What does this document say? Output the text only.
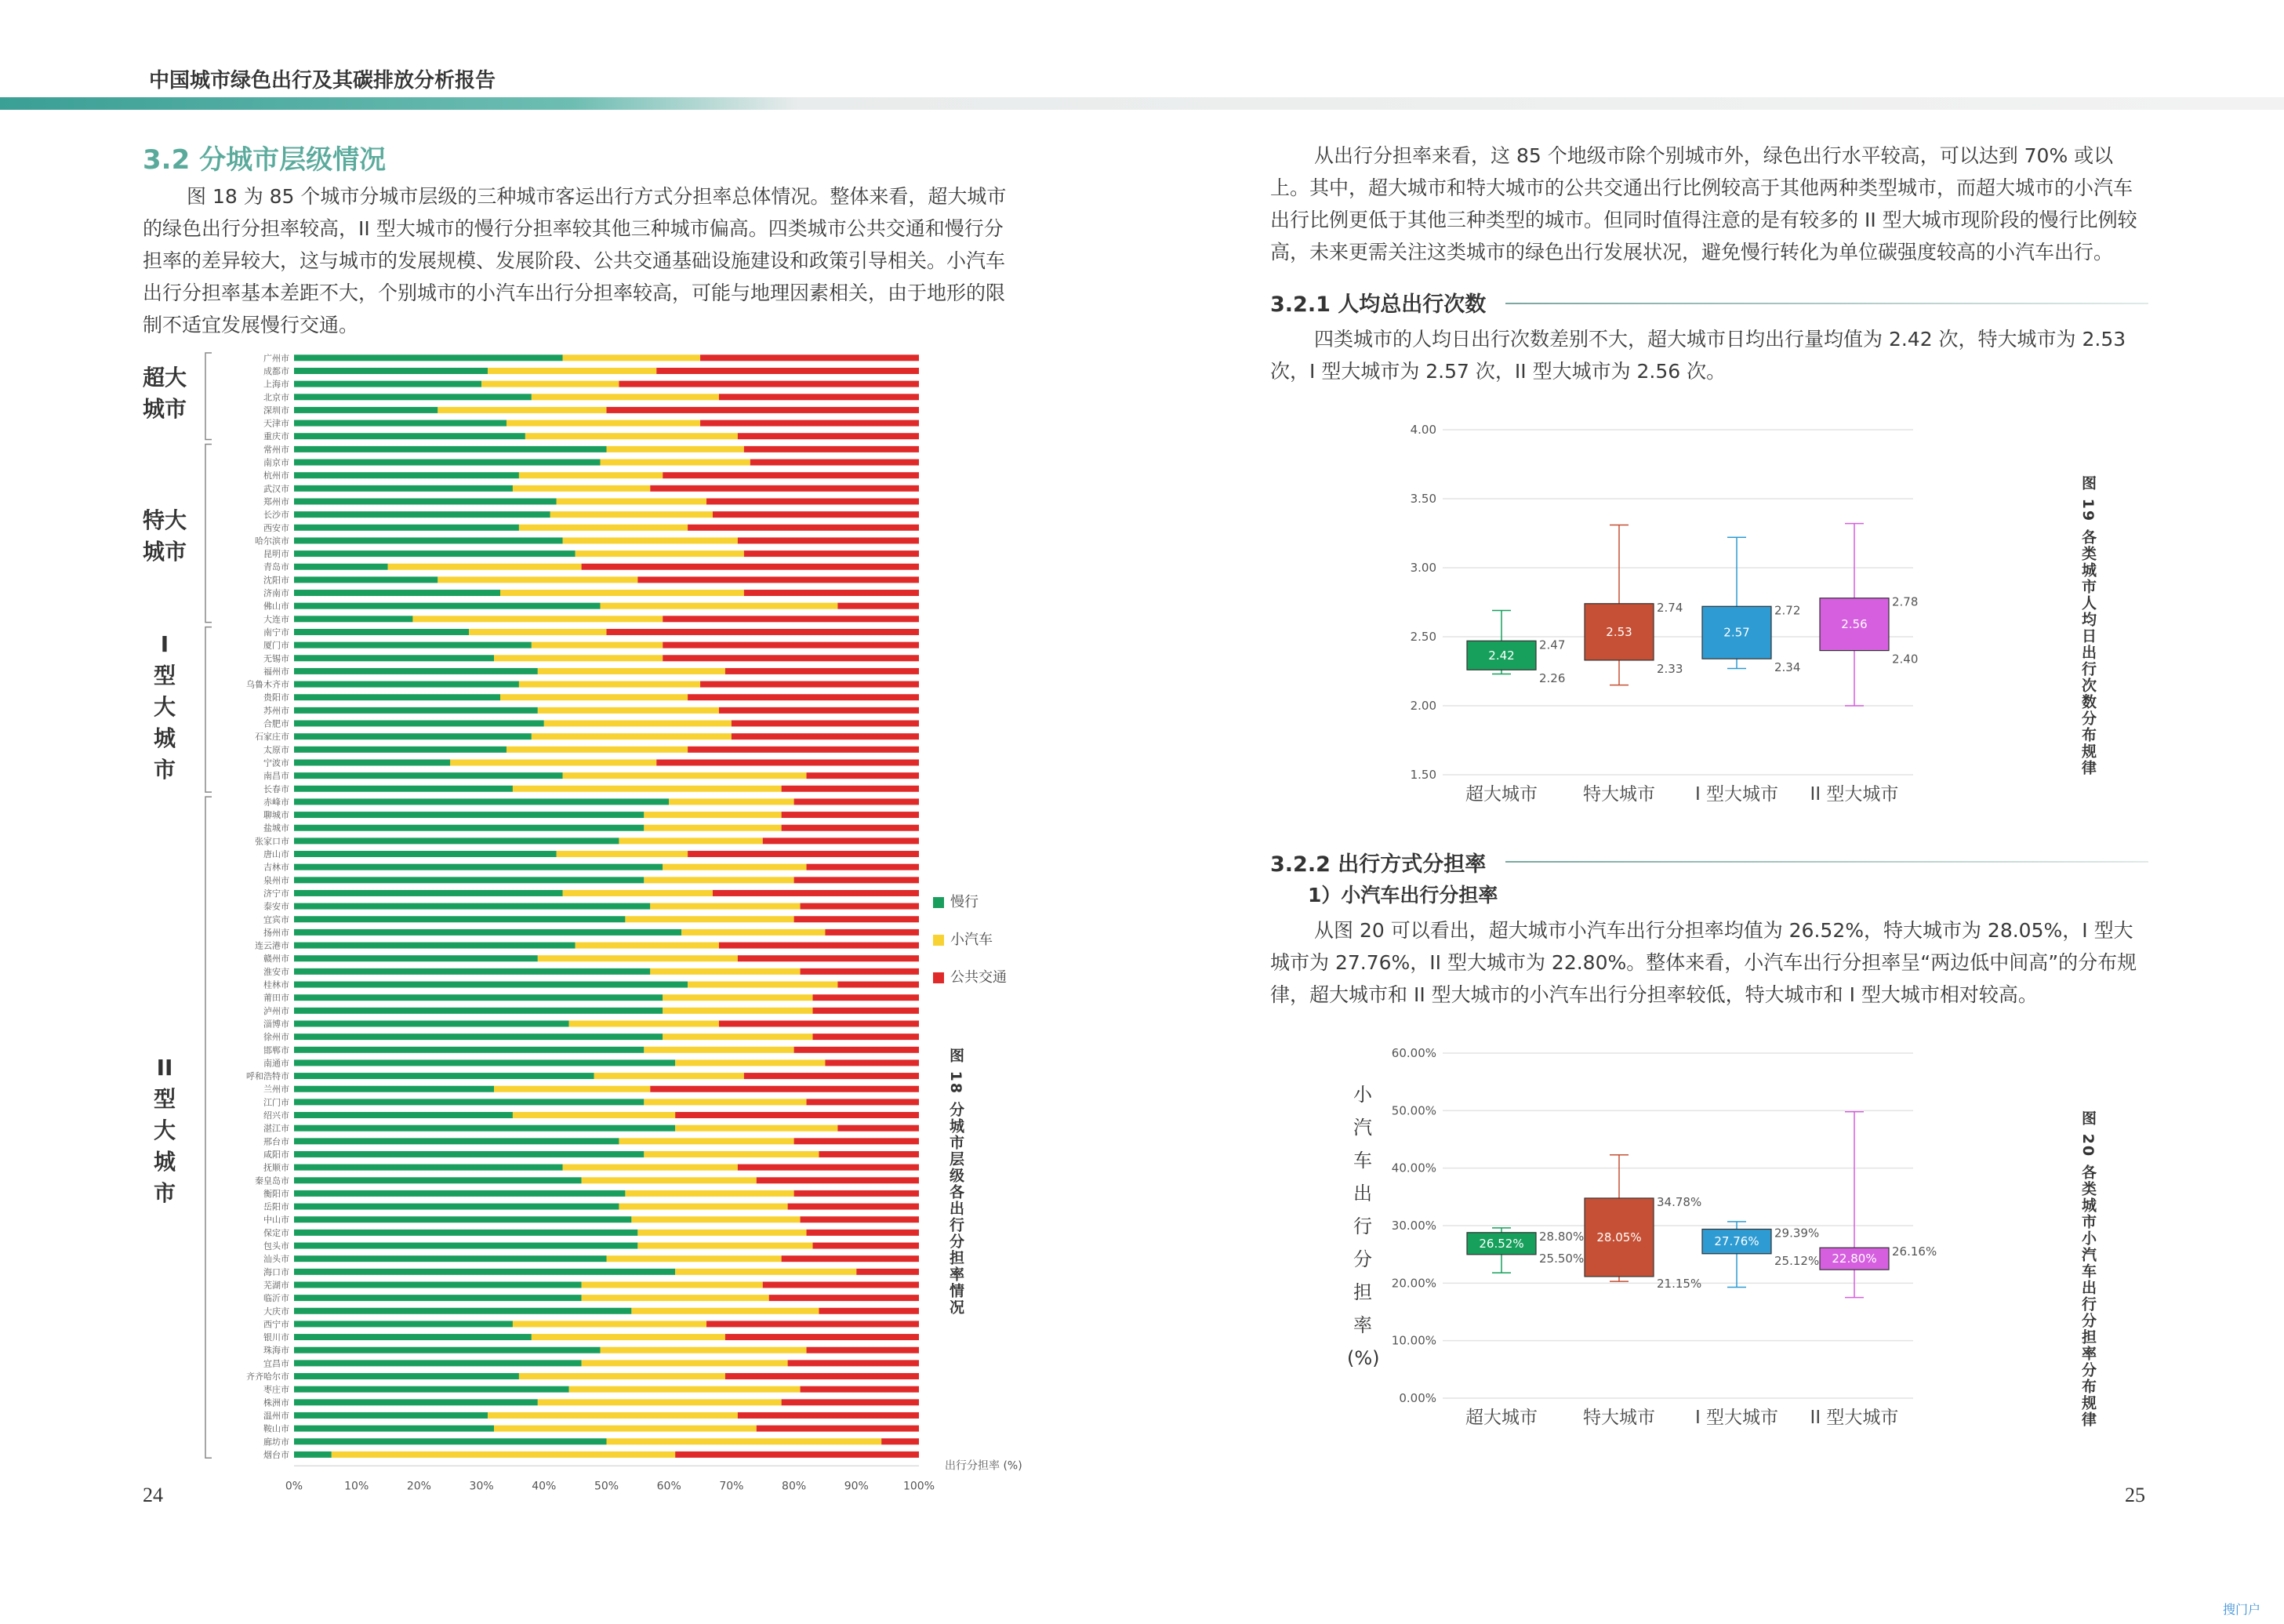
中国城市绿色出行及其碳排放分析报告
3.2 分城市层级情况
图 18 为 85 个城市分城市层级的三种城市客运出行方式分担率总体情况。整体来看，超大城市的绿色出行分担率较高，II 型大城市的慢行分担率较其他三种城市偏高。四类城市公共交通和慢行分担率的差异较大，这与城市的发展规模、发展阶段、公共交通基础设施建设和政策引导相关。小汽车出行分担率基本差距不大，个别城市的小汽车出行分担率较高，可能与地理因素相关，由于地形的限制不适宜发展慢行交通。
超大
城市
特大
城市
I
型
大
城
市
II
型
大
城
市
广州市
成都市
上海市
北京市
深圳市
天津市
重庆市
常州市
南京市
杭州市
武汉市
郑州市
长沙市
西安市
哈尔滨市
昆明市
青岛市
沈阳市
济南市
佛山市
大连市
南宁市
厦门市
无锡市
福州市
乌鲁木齐市
贵阳市
苏州市
合肥市
石家庄市
太原市
宁波市
南昌市
长春市
赤峰市
聊城市
盐城市
张家口市
唐山市
吉林市
泉州市
济宁市
泰安市
宜宾市
扬州市
连云港市
赣州市
淮安市
桂林市
莆田市
泸州市
淄博市
徐州市
邯郸市
南通市
呼和浩特市
兰州市
江门市
绍兴市
湛江市
邢台市
咸阳市
抚顺市
秦皇岛市
衡阳市
岳阳市
中山市
保定市
包头市
汕头市
海口市
芜湖市
临沂市
大庆市
西宁市
银川市
珠海市
宜昌市
齐齐哈尔市
枣庄市
株洲市
温州市
鞍山市
廊坊市
烟台市
0%	10%	20%	30%	40%	50%	60%	70%	80%	90%	100%
出行分担率 (%)
慢行
小汽车
公共交通
图 18 分城市层级各出行分担率情况
24
从出行分担率来看，这 85 个地级市除个别城市外，绿色出行水平较高，可以达到 70% 或以上。其中，超大城市和特大城市的公共交通出行比例较高于其他两种类型城市，而超大城市的小汽车出行比例更低于其他三种类型的城市。但同时值得注意的是有较多的 II 型大城市现阶段的慢行比例较高，未来更需关注这类城市的绿色出行发展状况，避免慢行转化为单位碳强度较高的小汽车出行。
3.2.1 人均总出行次数
四类城市的人均日出行次数差别不大，超大城市日均出行量均值为 2.42 次，特大城市为 2.53 次，I 型大城市为 2.57 次，II 型大城市为 2.56 次。
1.50
2.00
2.50
3.00
3.50
4.00
2.42
2.47
2.26
超大城市
2.53
2.74
2.33
特大城市
2.57
2.72
2.34
I 型大城市
2.56
2.78
2.40
II 型大城市
图 19 各类城市人均日出行次数分布规律
3.2.2 出行方式分担率
1）小汽车出行分担率
从图 20 可以看出，超大城市小汽车出行分担率均值为 26.52%，特大城市为 28.05%，I 型大城市为 27.76%，II 型大城市为 22.80%。整体来看，小汽车出行分担率呈“两边低中间高”的分布规律，超大城市和 II 型大城市的小汽车出行分担率较低，特大城市和 I 型大城市相对较高。
0.00%
10.00%
20.00%
30.00%
40.00%
50.00%
60.00%
26.52% 28.80%
25.50%
超大城市
28.05%
34.78%
21.15%
特大城市
27.76%
29.39%
25.12%
I 型大城市
22.80% 26.16%
II 型大城市
小
汽
车
出
行
分
担
率
(%)	图 20 各类城市小汽车出行分担率分布规律
25
搜门户
